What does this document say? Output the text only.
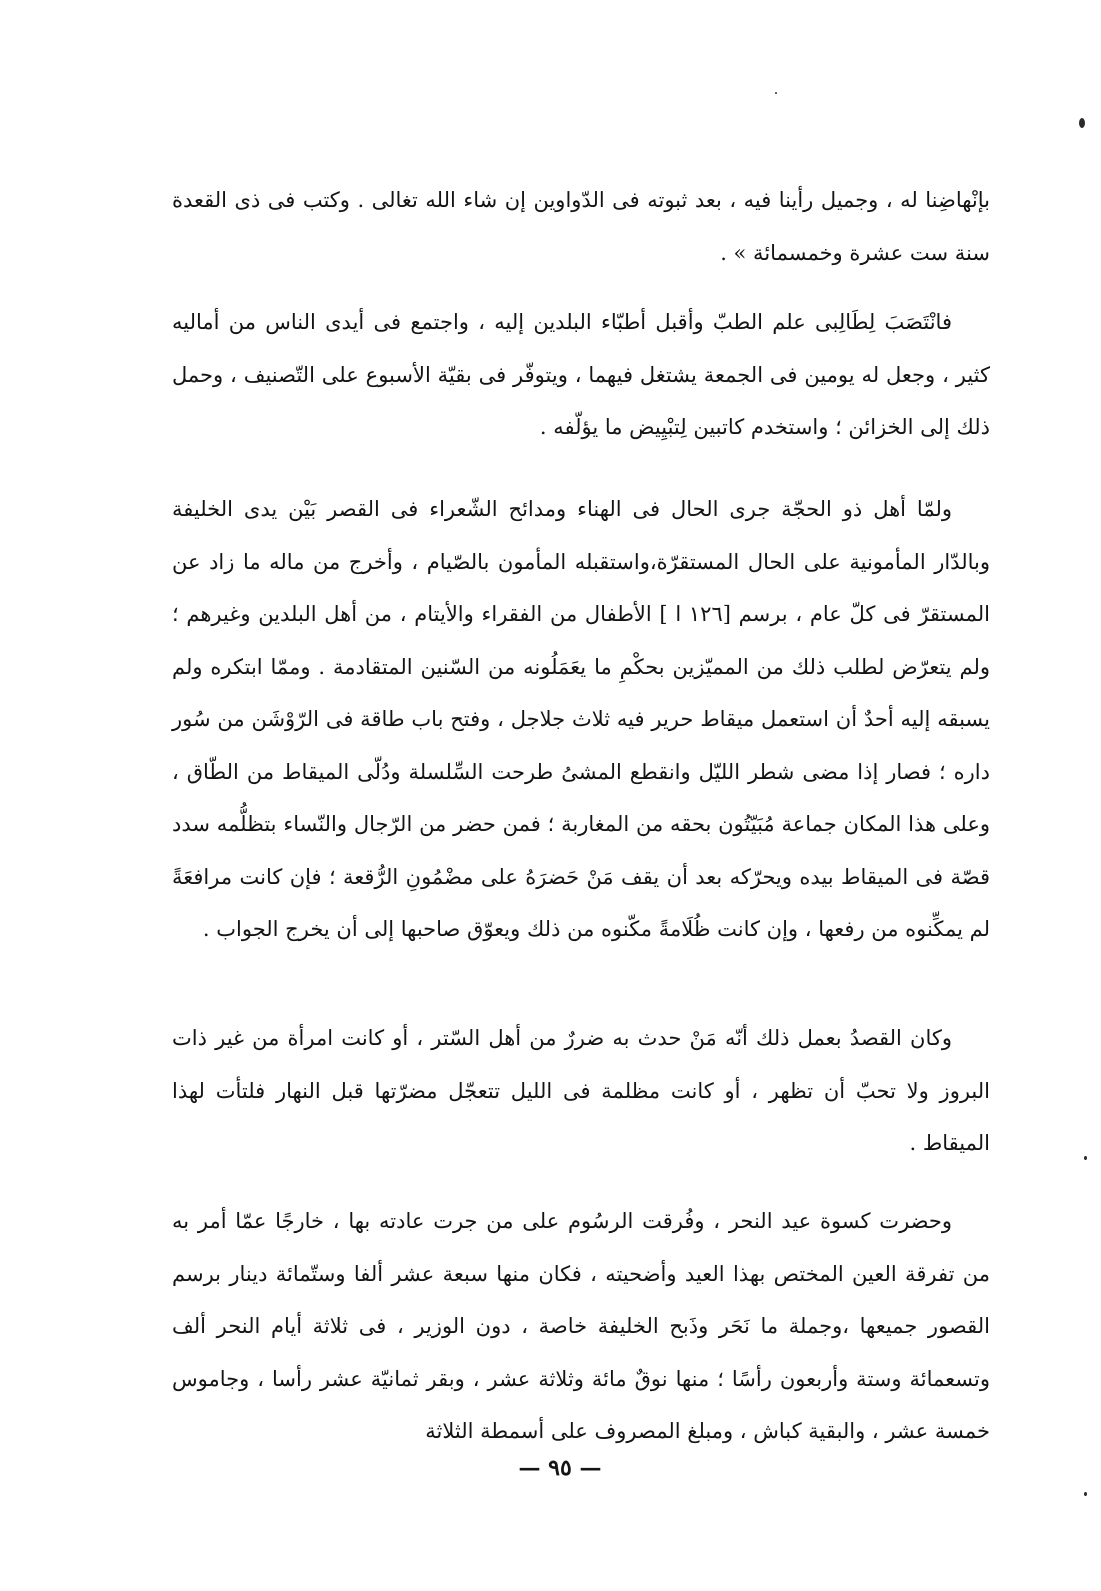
بإنْهاضِنا له ، وجميل رأينا فيه ، بعد ثبوته فى الدّواوين إن شاء الله تغالى . وكتب فى ذى القعدة سنة ست عشرة وخمسمائة » .

فانْتَصَبَ لِطَالِبى علم الطبّ وأقبل أطبّاء البلدين إليه ، واجتمع فى أيدى الناس من أماليه كثير ، وجعل له يومين فى الجمعة يشتغل فيهما ، ويتوفّر فى بقيّة الأسبوع على التّصنيف ، وحمل ذلك إلى الخزائن ؛ واستخدم كاتبين لِتبْيِيض ما يؤلّفه .

ولمّا أهل ذو الحجّة جرى الحال فى الهناء ومدائح الشّعراء فى القصر بَيْن يدى الخليفة وبالدّار المأمونية على الحال المستقرّة،واستقبله المأمون بالصّيام ، وأخرج من ماله ما زاد عن المستقرّ فى كلّ عام ، برسم [١٢٦ ا ] الأطفال من الفقراء والأيتام ، من أهل البلدين وغيرهم ؛ ولم يتعرّض لطلب ذلك من المميّزين بحكْمِ ما يعَمَلُونه من السّنين المتقادمة . وممّا ابتكره ولم يسبقه إليه أحدٌ أن استعمل ميقاط حرير فيه ثلاث جلاجل ، وفتح باب طاقة فى الرّوْشَن من سُور داره ؛ فصار إذا مضى شطر الليّل وانقطع المشىُ طرحت السِّلسلة ودُلّى الميقاط من الطّاق ، وعلى هذا المكان جماعة مُبَيّتُون بحقه من المغاربة ؛ فمن حضر من الرّجال والنّساء بتظلُّمه سدد قصّة فى الميقاط بيده ويحرّكه بعد أن يقف مَنْ حَضرَهُ على مضْمُونِ الرُّقعة ؛ فإن كانت مرافعَةً لم يمكِّنوه من رفعها ، وإن كانت ظُلَامةً مكّنوه من ذلك ويعوّق صاحبها إلى أن يخرج الجواب .

وكان القصدُ بعمل ذلك أنّه مَنْ حدث به ضررٌ من أهل السّتر ، أو كانت امرأة من غير ذات البروز ولا تحبّ أن تظهر ، أو كانت مظلمة فى الليل تتعجّل مضرّتها قبل النهار فلتأت لهذا الميقاط .

وحضرت كسوة عيد النحر ، وفُرقت الرسُوم على من جرت عادته بها ، خارجًا عمّا أمر به من تفرقة العين المختص بهذا العيد وأضحيته ، فكان منها سبعة عشر ألفا وستّمائة دينار برسم القصور جميعها ،وجملة ما نَحَر وذَبح الخليفة خاصة ، دون الوزير ، فى ثلاثة أيام النحر ألف وتسعمائة وستة وأربعون رأسًا ؛ منها نوقٌ مائة وثلاثة عشر ، وبقر ثمانيّة عشر رأسا ، وجاموس خمسة عشر ، والبقية كباش ، ومبلغ المصروف على أسمطة الثلاثة

— ٩٥ —
